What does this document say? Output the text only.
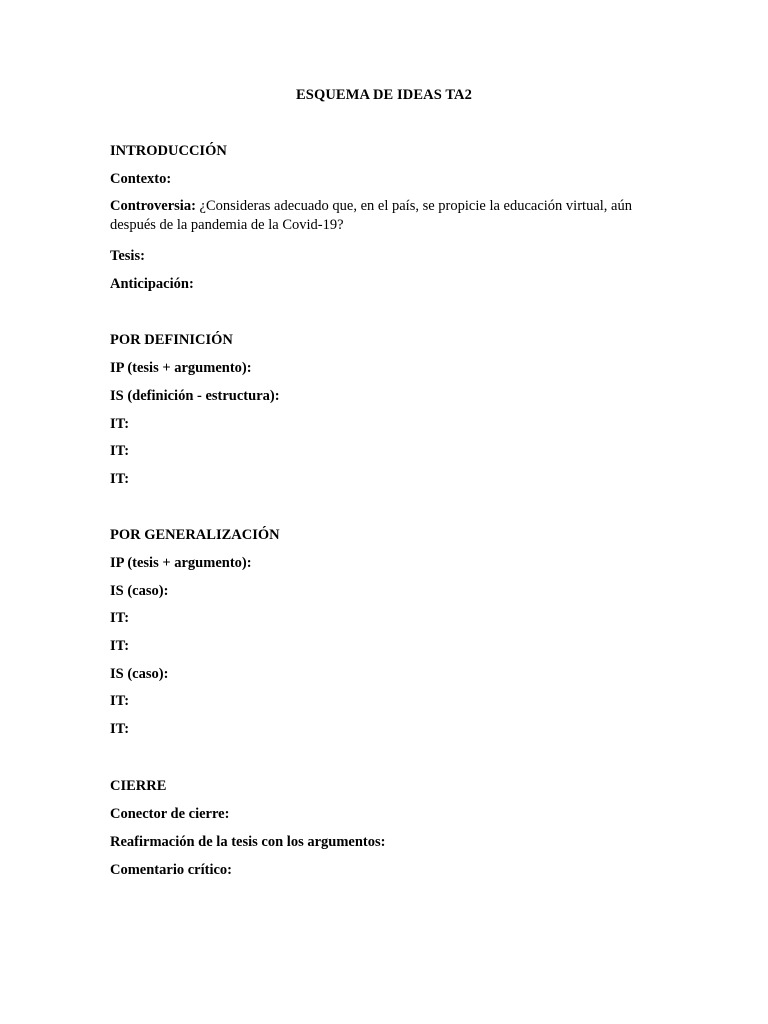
ESQUEMA DE IDEAS TA2
INTRODUCCIÓN
Contexto:
Controversia: ¿Consideras adecuado que, en el país, se propicie la educación virtual, aún
después de la pandemia de la Covid-19?
Tesis:
Anticipación:
POR DEFINICIÓN
IP (tesis + argumento):
IS (definición - estructura):
IT:
IT:
IT:
POR GENERALIZACIÓN
IP (tesis + argumento):
IS (caso):
IT:
IT:
IS (caso):
IT:
IT:
CIERRE
Conector de cierre:
Reafirmación de la tesis con los argumentos:
Comentario crítico:
